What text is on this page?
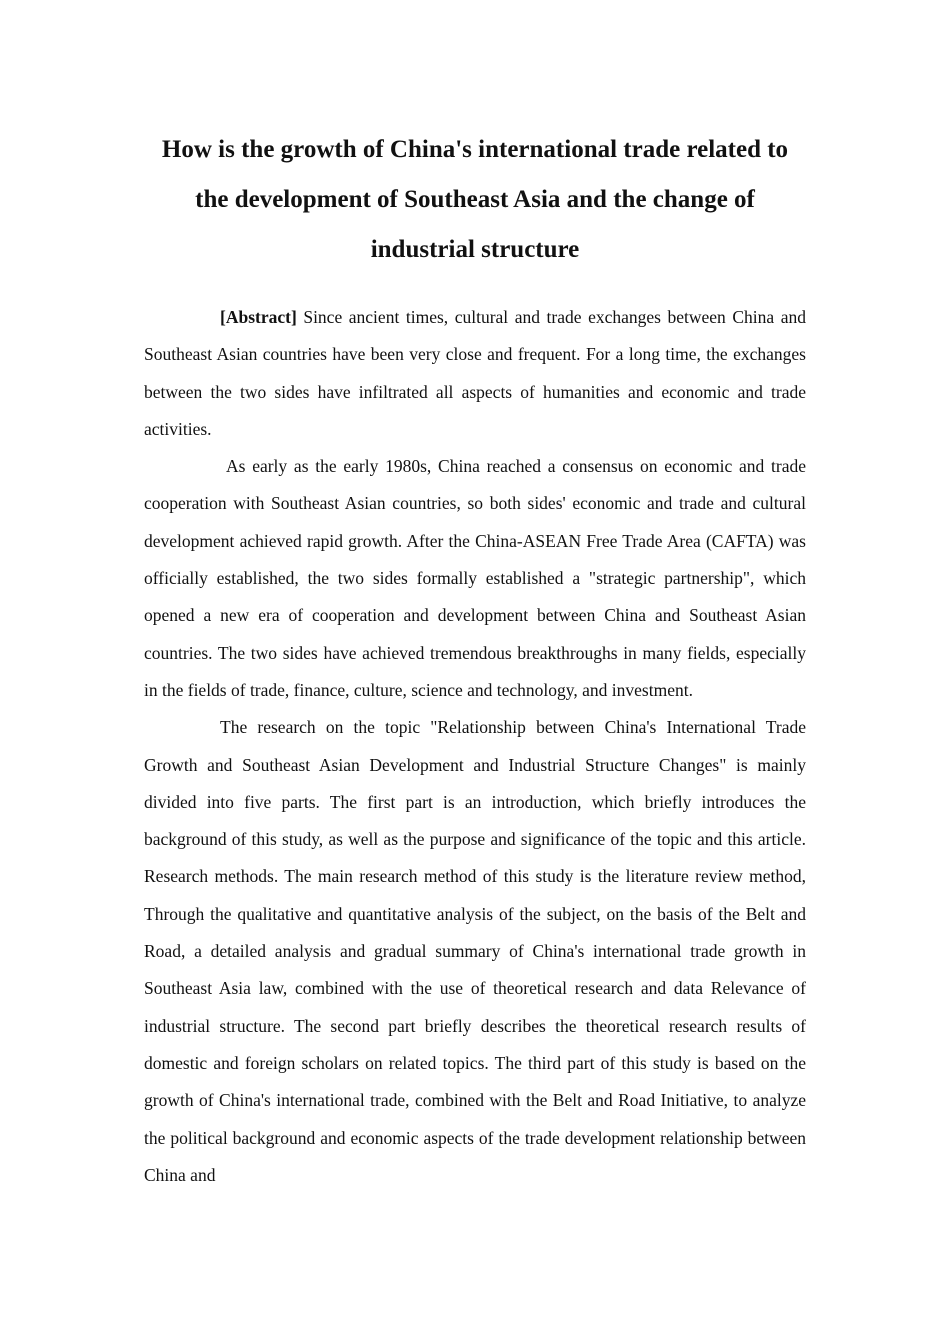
How is the growth of China's international trade related to the development of Southeast Asia and the change of industrial structure

[Abstract] Since ancient times, cultural and trade exchanges between China and Southeast Asian countries have been very close and frequent. For a long time, the exchanges between the two sides have infiltrated all aspects of humanities and economic and trade activities.

As early as the early 1980s, China reached a consensus on economic and trade cooperation with Southeast Asian countries, so both sides' economic and trade and cultural development achieved rapid growth. After the China-ASEAN Free Trade Area (CAFTA) was officially established, the two sides formally established a "strategic partnership", which opened a new era of cooperation and development between China and Southeast Asian countries. The two sides have achieved tremendous breakthroughs in many fields, especially in the fields of trade, finance, culture, science and technology, and investment.

The research on the topic "Relationship between China's International Trade Growth and Southeast Asian Development and Industrial Structure Changes" is mainly divided into five parts. The first part is an introduction, which briefly introduces the background of this study, as well as the purpose and significance of the topic and this article. Research methods. The main research method of this study is the literature review method, Through the qualitative and quantitative analysis of the subject, on the basis of the Belt and Road, a detailed analysis and gradual summary of China's international trade growth in Southeast Asia law, combined with the use of theoretical research and data Relevance of industrial structure. The second part briefly describes the theoretical research results of domestic and foreign scholars on related topics. The third part of this study is based on the growth of China's international trade, combined with the Belt and Road Initiative, to analyze the political background and economic aspects of the trade development relationship between China and
